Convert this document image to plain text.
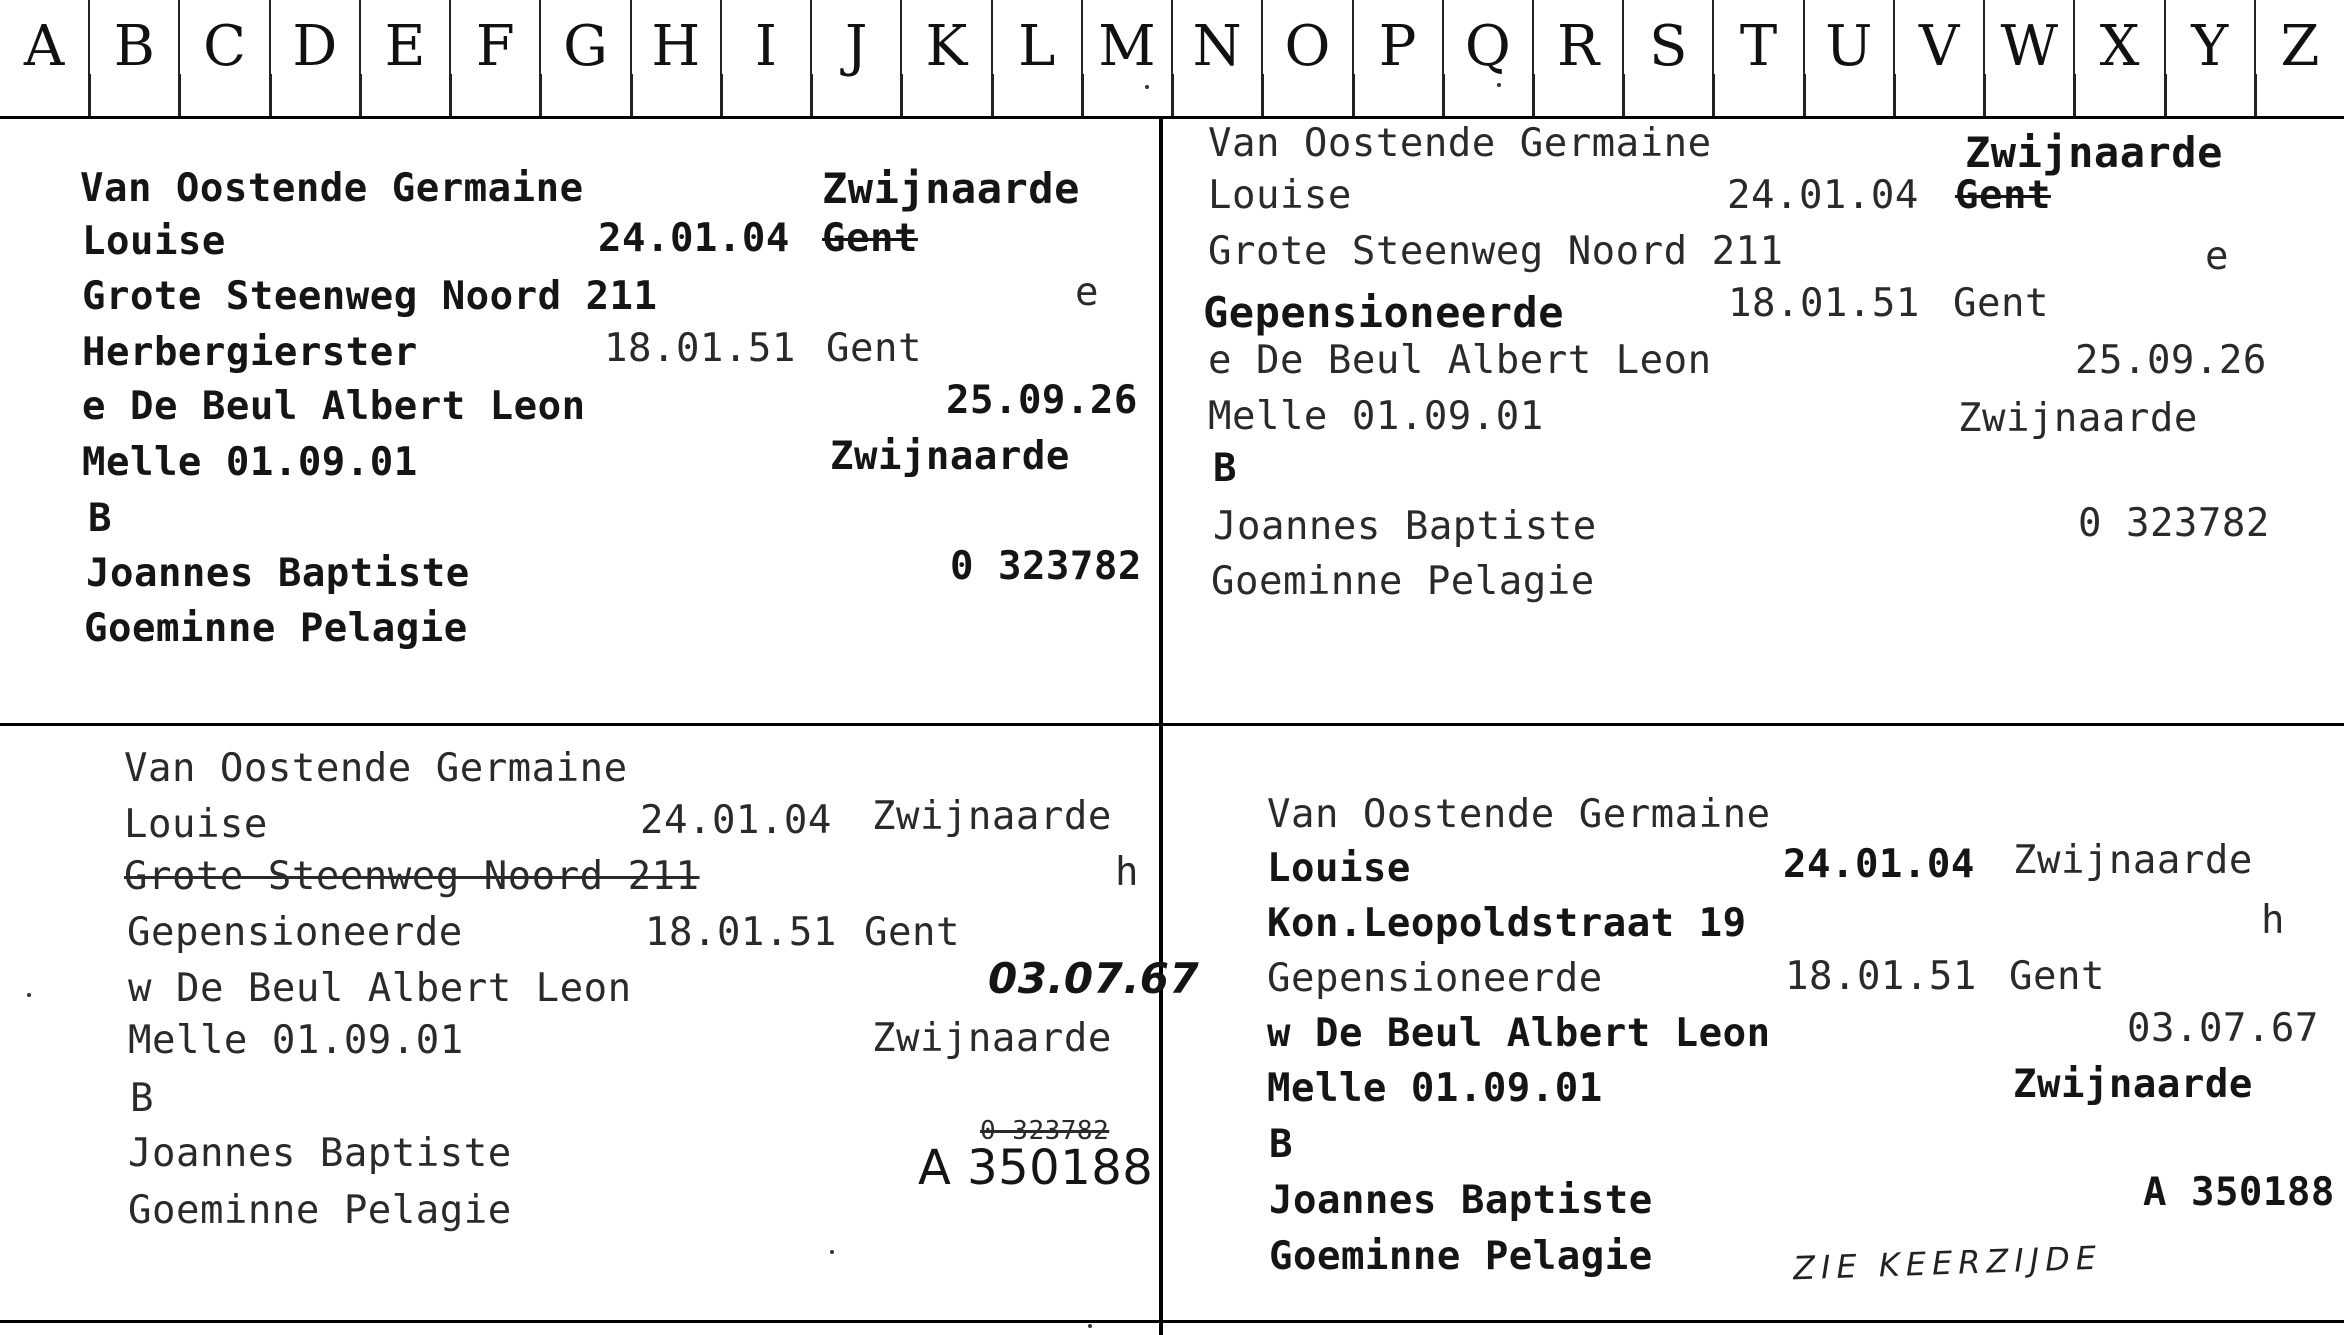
A B C D E F G H I	J	K L M N O P Q R S T U V W X Y Z
Van Oostende Germaine	Zwijnaarde
Louise	24.01.04 Gent
Grote Steenweg Noord 211	e
Herbergierster	18.01.51 Gent
e De Beul Albert Leon	25.09.26
Melle 01.09.01	Zwijnaarde
B
Joannes Baptiste	0 323782
Goeminne Pelagie
Van Oostende Germaine	Zwijnaarde
Louise	24.01.04 Gent
Grote Steenweg Noord 211	e
Gepensioneerde	18.01.51 Gent
e De Beul Albert Leon	25.09.26
Melle 01.09.01	Zwijnaarde
B
Joannes Baptiste	0 323782
Goeminne Pelagie
Van Oostende Germaine
Louise	24.01.04 Zwijnaarde
Grote Steenweg Noord 211	h
Gepensioneerde	18.01.51 Gent
w De Beul Albert Leon	03.07.67
Melle 01.09.01	Zwijnaarde
B
Joannes Baptiste	0 323782
A 350188
Goeminne Pelagie
Van Oostende Germaine
Louise	24.01.04 Zwijnaarde
Kon.Leopoldstraat 19	h
Gepensioneerde	18.01.51 Gent
w De Beul Albert Leon	03.07.67
Melle 01.09.01	Zwijnaarde
B
Joannes Baptiste	A 350188
Goeminne Pelagie	ZIE KEERZIJDE
